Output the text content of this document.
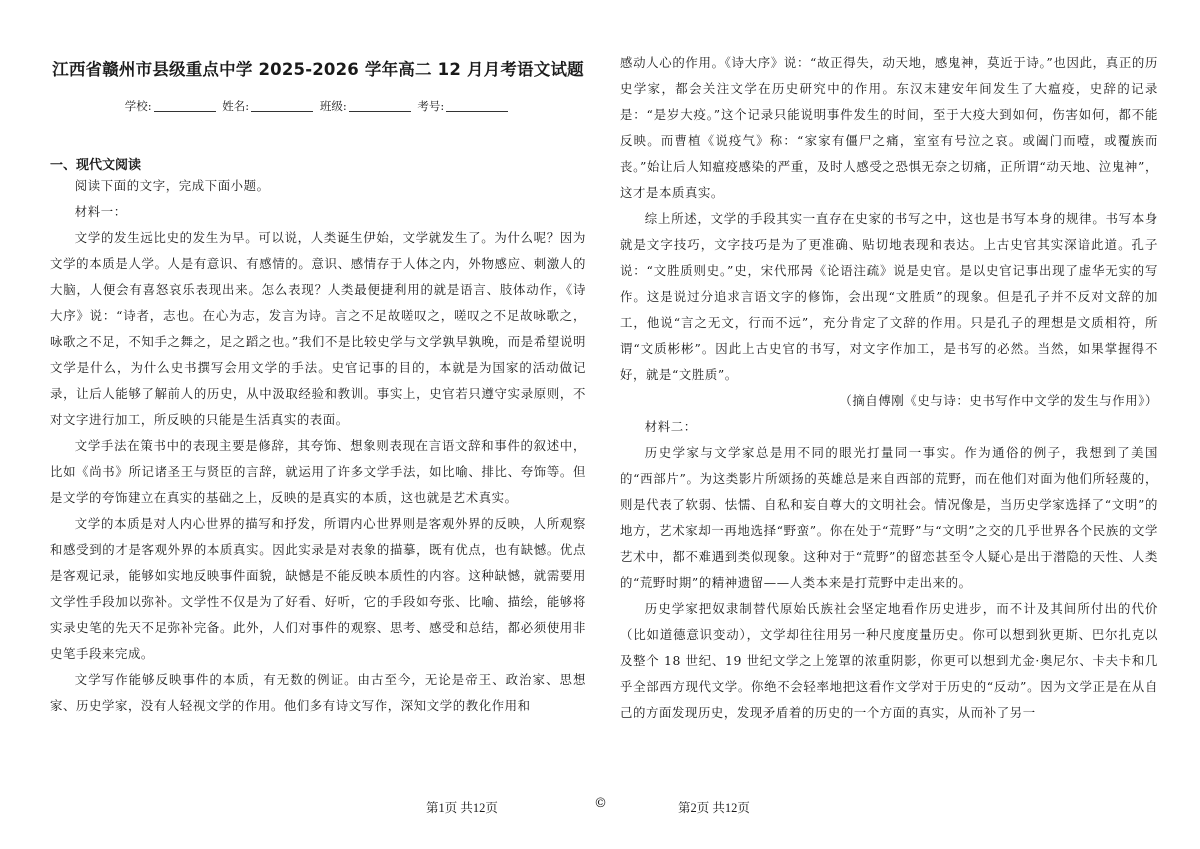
江西省赣州市县级重点中学 2025-2026 学年高二 12 月月考语文试题
学校:	姓名:	班级:	考号:
一、现代文阅读

阅读下面的文字，完成下面小题。

材料一：

文学的发生远比史的发生为早。可以说，人类诞生伊始，文学就发生了。为什么呢？因为文学的本质是人学。人是有意识、有感情的。意识、感情存于人体之内，外物感应、刺激人的大脑，人便会有喜怒哀乐表现出来。怎么表现？人类最便捷利用的就是语言、肢体动作，《诗大序》说：“诗者，志也。在心为志，发言为诗。言之不足故嗟叹之，嗟叹之不足故咏歌之，咏歌之不足，不知手之舞之，足之蹈之也。”我们不是比较史学与文学孰早孰晚，而是希望说明文学是什么，为什么史书撰写会用文学的手法。史官记事的目的，本就是为国家的活动做记录，让后人能够了解前人的历史，从中汲取经验和教训。事实上，史官若只遵守实录原则，不对文字进行加工，所反映的只能是生活真实的表面。

文学手法在策书中的表现主要是修辞，其夸饰、想象则表现在言语文辞和事件的叙述中，比如《尚书》所记诸圣王与贤臣的言辞，就运用了许多文学手法，如比喻、排比、夸饰等。但是文学的夸饰建立在真实的基础之上，反映的是真实的本质，这也就是艺术真实。

文学的本质是对人内心世界的描写和抒发，所谓内心世界则是客观外界的反映，人所观察和感受到的才是客观外界的本质真实。因此实录是对表象的描摹，既有优点，也有缺憾。优点是客观记录，能够如实地反映事件面貌，缺憾是不能反映本质性的内容。这种缺憾，就需要用文学性手段加以弥补。文学性不仅是为了好看、好听，它的手段如夸张、比喻、描绘，能够将实录史笔的先天不足弥补完备。此外，人们对事件的观察、思考、感受和总结，都必须使用非史笔手段来完成。

文学写作能够反映事件的本质，有无数的例证。由古至今，无论是帝王、政治家、思想家、历史学家，没有人轻视文学的作用。他们多有诗文写作，深知文学的教化作用和

感动人心的作用。《诗大序》说：“故正得失，动天地，感鬼神，莫近于诗。”也因此，真正的历史学家，都会关注文学在历史研究中的作用。东汉末建安年间发生了大瘟疫，史辞的记录是：“是岁大疫。”这个记录只能说明事件发生的时间，至于大疫大到如何，伤害如何，都不能反映。而曹植《说疫气》称：“家家有僵尸之痛，室室有号泣之哀。或阖门而噎，或覆族而丧。”始让后人知瘟疫感染的严重，及时人感受之恐惧无奈之切痛，正所谓“动天地、泣鬼神”，这才是本质真实。

综上所述，文学的手段其实一直存在史家的书写之中，这也是书写本身的规律。书写本身就是文字技巧，文字技巧是为了更准确、贴切地表现和表达。上古史官其实深谙此道。孔子说：“文胜质则史。”史，宋代邢昺《论语注疏》说是史官。是以史官记事出现了虚华无实的写作。这是说过分追求言语文字的修饰，会出现“文胜质”的现象。但是孔子并不反对文辞的加工，他说“言之无文，行而不远”，充分肯定了文辞的作用。只是孔子的理想是文质相符，所谓“文质彬彬”。因此上古史官的书写，对文字作加工，是书写的必然。当然，如果掌握得不好，就是“文胜质”。

（摘自傅刚《史与诗：史书写作中文学的发生与作用》）

材料二：

历史学家与文学家总是用不同的眼光打量同一事实。作为通俗的例子，我想到了美国的“西部片”。为这类影片所颂扬的英雄总是来自西部的荒野，而在他们对面为他们所轻蔑的，则是代表了软弱、怯懦、自私和妄自尊大的文明社会。情况像是，当历史学家选择了“文明”的地方，艺术家却一再地选择“野蛮”。你在处于“荒野”与“文明”之交的几乎世界各个民族的文学艺术中，都不难遇到类似现象。这种对于“荒野”的留恋甚至令人疑心是出于潜隐的天性、人类的“荒野时期”的精神遗留——人类本来是打荒野中走出来的。

历史学家把奴隶制替代原始氏族社会坚定地看作历史进步，而不计及其间所付出的代价（比如道德意识变动），文学却往往用另一种尺度度量历史。你可以想到狄更斯、巴尔扎克以及整个 18 世纪、19 世纪文学之上笼罩的浓重阴影，你更可以想到尤金·奥尼尔、卡夫卡和几乎全部西方现代文学。你绝不会轻率地把这看作文学对于历史的“反动”。因为文学正是在从自己的方面发现历史，发现矛盾着的历史的一个方面的真实，从而补了另一

第1页 共12页	©	第2页 共12页
